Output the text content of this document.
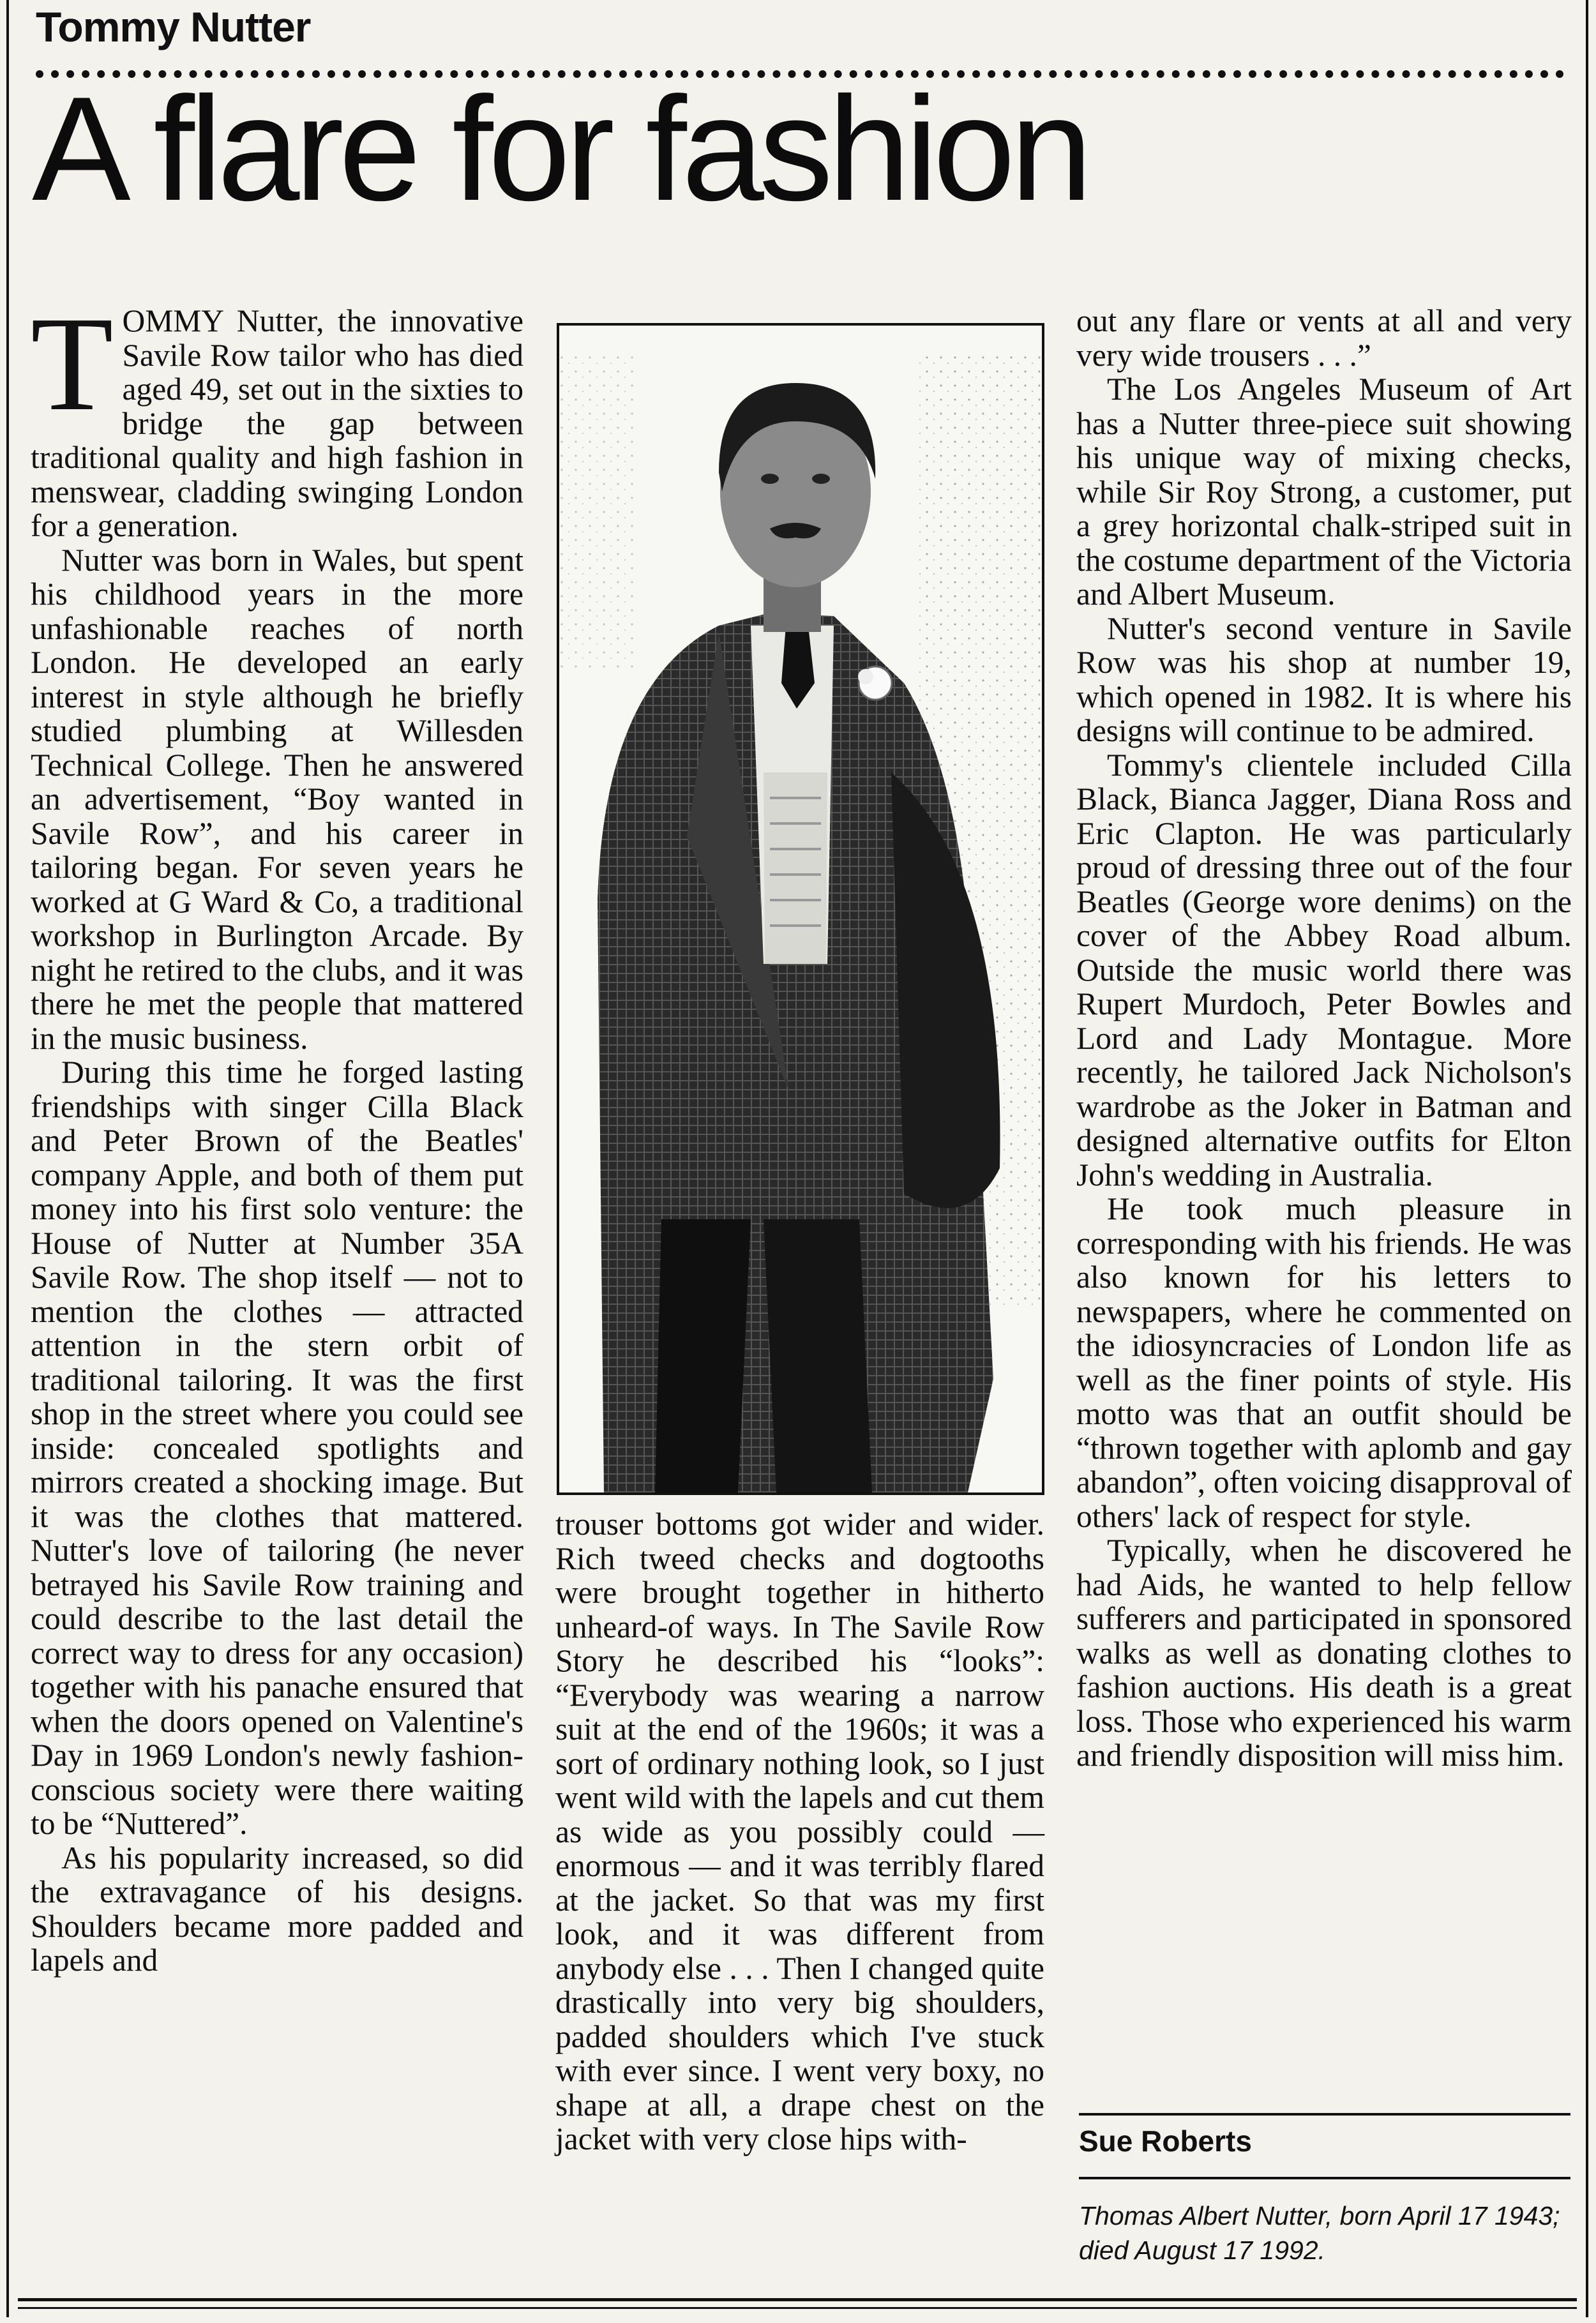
Tommy Nutter
A flare for fashion

TOMMY Nutter, the innovative Savile Row tailor who has died aged 49, set out in the sixties to bridge the gap between traditional quality and high fashion in menswear, cladding swinging London for a generation.

Nutter was born in Wales, but spent his childhood years in the more unfashionable reaches of north London. He developed an early interest in style although he briefly studied plumbing at Willesden Technical College. Then he answered an advertisement, “Boy wanted in Savile Row”, and his career in tailoring began. For seven years he worked at G Ward & Co, a traditional workshop in Burlington Arcade. By night he retired to the clubs, and it was there he met the people that mattered in the music business.

During this time he forged lasting friendships with singer Cilla Black and Peter Brown of the Beatles' company Apple, and both of them put money into his first solo venture: the House of Nutter at Number 35A Savile Row. The shop itself — not to mention the clothes — attracted attention in the stern orbit of traditional tailoring. It was the first shop in the street where you could see inside: concealed spotlights and mirrors created a shocking image. But it was the clothes that mattered. Nutter's love of tailoring (he never betrayed his Savile Row training and could describe to the last detail the correct way to dress for any occasion) together with his panache ensured that when the doors opened on Valentine's Day in 1969 London's newly fashion-conscious society were there waiting to be “Nuttered”.

As his popularity increased, so did the extravagance of his designs. Shoulders became more padded and lapels and

trouser bottoms got wider and wider. Rich tweed checks and dogtooths were brought together in hitherto unheard-of ways. In The Savile Row Story he described his “looks”: “Everybody was wearing a narrow suit at the end of the 1960s; it was a sort of ordinary nothing look, so I just went wild with the lapels and cut them as wide as you possibly could — enormous — and it was terribly flared at the jacket. So that was my first look, and it was different from anybody else . . . Then I changed quite drastically into very big shoulders, padded shoulders which I've stuck with ever since. I went very boxy, no shape at all, a drape chest on the jacket with very close hips with-

out any flare or vents at all and very very wide trousers . . .”

The Los Angeles Museum of Art has a Nutter three-piece suit showing his unique way of mixing checks, while Sir Roy Strong, a customer, put a grey horizontal chalk-striped suit in the costume department of the Victoria and Albert Museum.

Nutter's second venture in Savile Row was his shop at number 19, which opened in 1982. It is where his designs will continue to be admired.

Tommy's clientele included Cilla Black, Bianca Jagger, Diana Ross and Eric Clapton. He was particularly proud of dressing three out of the four Beatles (George wore denims) on the cover of the Abbey Road album. Outside the music world there was Rupert Murdoch, Peter Bowles and Lord and Lady Montague. More recently, he tailored Jack Nicholson's wardrobe as the Joker in Batman and designed alternative outfits for Elton John's wedding in Australia.

He took much pleasure in corresponding with his friends. He was also known for his letters to newspapers, where he commented on the idiosyncracies of London life as well as the finer points of style. His motto was that an outfit should be “thrown together with aplomb and gay abandon”, often voicing disapproval of others' lack of respect for style.

Typically, when he discovered he had Aids, he wanted to help fellow sufferers and participated in sponsored walks as well as donating clothes to fashion auctions. His death is a great loss. Those who experienced his warm and friendly disposition will miss him.

Sue Roberts

Thomas Albert Nutter, born April 17 1943; died August 17 1992.
